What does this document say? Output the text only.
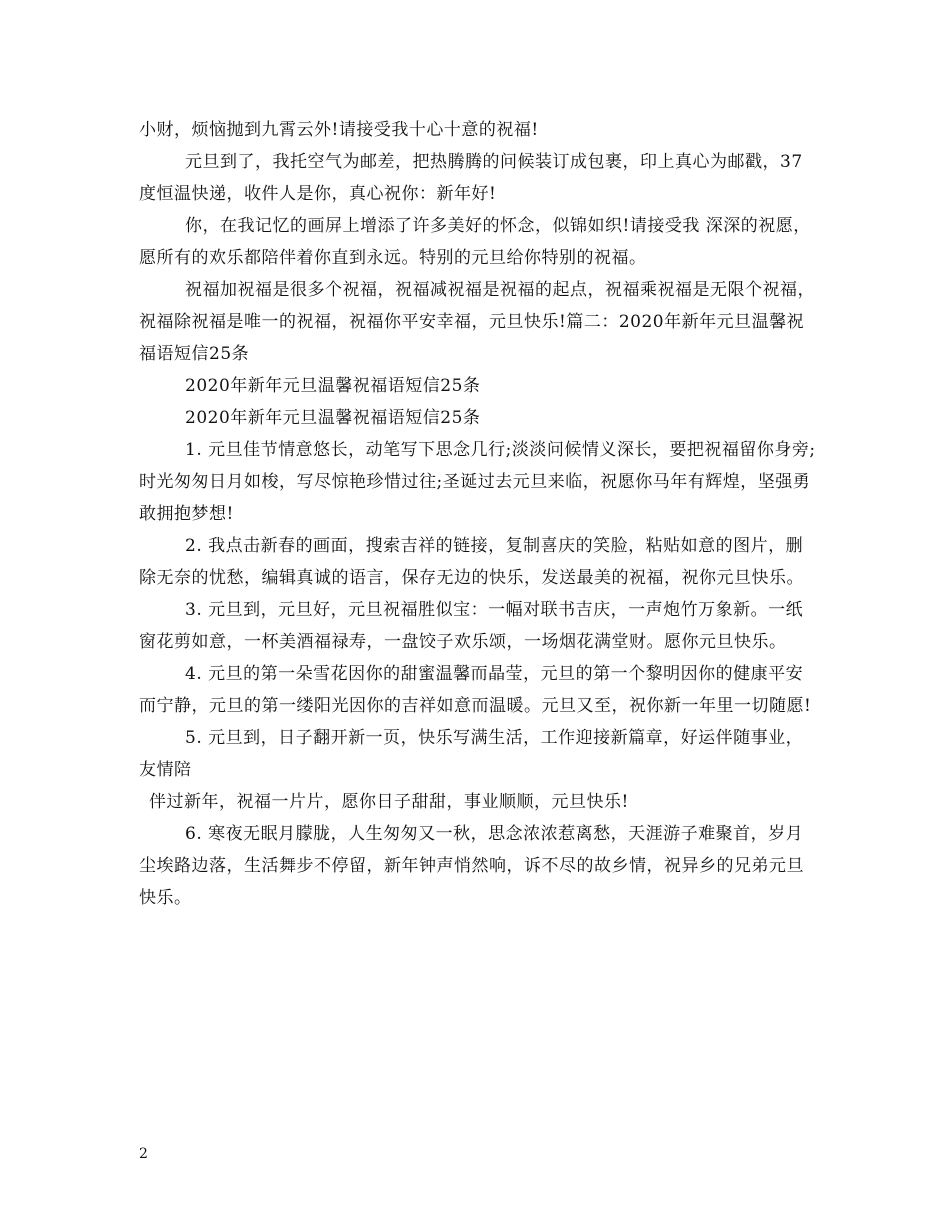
小财，烦恼抛到九霄云外!请接受我十心十意的祝福!

元旦到了，我托空气为邮差，把热腾腾的问候装订成包裹，印上真心为邮戳，37度恒温快递，收件人是你，真心祝你：新年好!

你，在我记忆的画屏上增添了许多美好的怀念，似锦如织!请接受我 深深的祝愿，愿所有的欢乐都陪伴着你直到永远。特别的元旦给你特别的祝福。

祝福加祝福是很多个祝福，祝福减祝福是祝福的起点，祝福乘祝福是无限个祝福，祝福除祝福是唯一的祝福，祝福你平安幸福，元旦快乐!篇二：2020年新年元旦温馨祝福语短信25条

2020年新年元旦温馨祝福语短信25条

2020年新年元旦温馨祝福语短信25条

1. 元旦佳节情意悠长，动笔写下思念几行;淡淡问候情义深长，要把祝福留你身旁;时光匆匆日月如梭，写尽惊艳珍惜过往;圣诞过去元旦来临，祝愿你马年有辉煌，坚强勇敢拥抱梦想!

2. 我点击新春的画面，搜索吉祥的链接，复制喜庆的笑脸，粘贴如意的图片，删除无奈的忧愁，编辑真诚的语言，保存无边的快乐，发送最美的祝福，祝你元旦快乐。

3. 元旦到，元旦好，元旦祝福胜似宝：一幅对联书吉庆，一声炮竹万象新。一纸窗花剪如意，一杯美酒福禄寿，一盘饺子欢乐颂，一场烟花满堂财。愿你元旦快乐。

4. 元旦的第一朵雪花因你的甜蜜温馨而晶莹，元旦的第一个黎明因你的健康平安而宁静，元旦的第一缕阳光因你的吉祥如意而温暖。元旦又至，祝你新一年里一切随愿!

5. 元旦到，日子翻开新一页，快乐写满生活，工作迎接新篇章，好运伴随事业，友情陪

伴过新年，祝福一片片，愿你日子甜甜，事业顺顺，元旦快乐!

6. 寒夜无眠月朦胧，人生匆匆又一秋，思念浓浓惹离愁，天涯游子难聚首，岁月尘埃路边落，生活舞步不停留，新年钟声悄然响，诉不尽的故乡情，祝异乡的兄弟元旦快乐。

2
